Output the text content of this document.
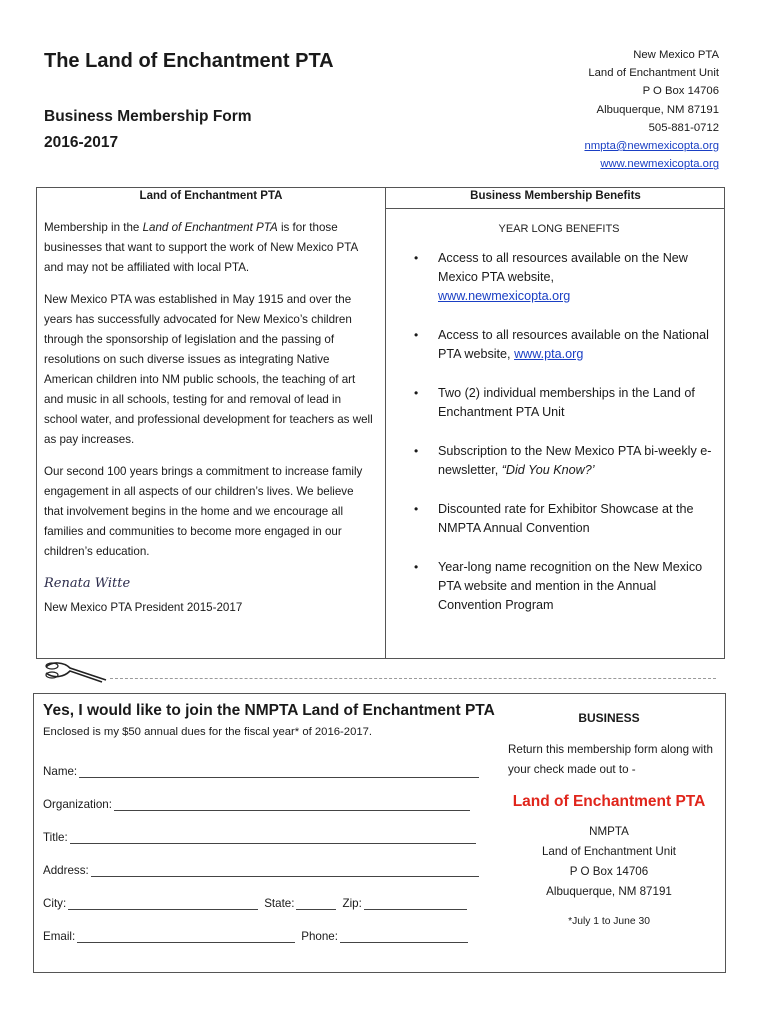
The Land of Enchantment PTA
Business Membership Form
2016-2017
New Mexico PTA
Land of Enchantment Unit
P O Box 14706
Albuquerque, NM 87191
505-881-0712
nmpta@newmexicopta.org
www.newmexicopta.org
Land of Enchantment PTA	Business Membership Benefits

Membership in the Land of Enchantment PTA is for those businesses that want to support the work of New Mexico PTA and may not be affiliated with local PTA.

New Mexico PTA was established in May 1915 and over the years has successfully advocated for New Mexico’s children through the sponsorship of legislation and the passing of resolutions on such diverse issues as integrating Native American children into NM public schools, the teaching of art and music in all schools, testing for and removal of lead in school water, and professional development for teachers as well as pay increases.

Our second 100 years brings a commitment to increase family engagement in all aspects of our children’s lives. We believe that involvement begins in the home and we encourage all families and communities to become more engaged in our children’s education.

Renata Witte

New Mexico PTA President 2015-2017

YEAR LONG BENEFITS
• Access to all resources available on the New Mexico PTA website,
www.newmexicopta.org
• Access to all resources available on the National PTA website, www.pta.org
• Two (2) individual memberships in the Land of Enchantment PTA Unit
• Subscription to the New Mexico PTA bi-weekly e-newsletter, “Did You Know?’
• Discounted rate for Exhibitor Showcase at the NMPTA Annual Convention
• Year-long name recognition on the New Mexico PTA website and mention in the Annual Convention Program
Yes, I would like to join the NMPTA Land of Enchantment PTA
Enclosed is my $50 annual dues for the fiscal year* of 2016-2017.
Name:
Organization:
Title:
Address:
City:	State:	Zip:
Email:	Phone:
BUSINESS
Return this membership form along with your check made out to -
Land of Enchantment PTA
NMPTA
Land of Enchantment Unit
P O Box 14706
Albuquerque, NM 87191
*July 1 to June 30
